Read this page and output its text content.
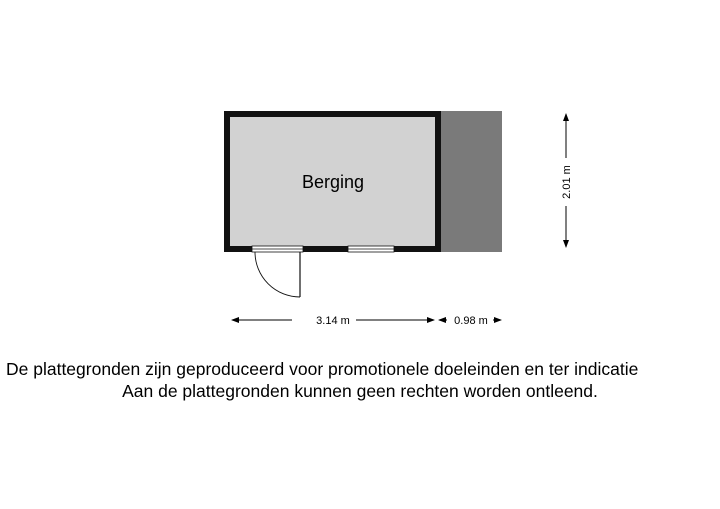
Berging
3.14 m	0.98 m
2.01 m
De plattegronden zijn geproduceerd voor promotionele doeleinden en ter indicatie
Aan de plattegronden kunnen geen rechten worden ontleend.
